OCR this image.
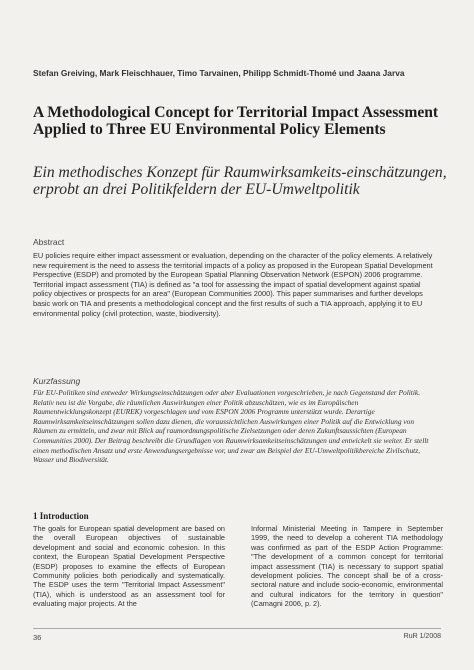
Stefan Greiving, Mark Fleischhauer, Timo Tarvainen, Philipp Schmidt-Thomé und Jaana Jarva
A Methodological Concept for Territorial Impact Assessment Applied to Three EU Environmental Policy Elements
Ein methodisches Konzept für Raumwirksamkeits-einschätzungen, erprobt an drei Politikfeldern der EU-Umweltpolitik
Abstract
EU policies require either impact assessment or evaluation, depending on the character of the policy elements. A relatively new requirement is the need to assess the territorial impacts of a policy as proposed in the European Spatial Development Perspective (ESDP) and promoted by the European Spatial Planning Observation Network (ESPON) 2006 programme. Territorial impact assessment (TIA) is defined as "a tool for assessing the impact of spatial development against spatial policy objectives or prospects for an area" (European Communities 2000). This paper summarises and further develops basic work on TIA and presents a methodological concept and the first results of such a TIA approach, applying it to EU environmental policy (civil protection, waste, biodiversity).
Kurzfassung
Für EU-Politiken sind entweder Wirkungseinschätzungen oder aber Evaluationen vorgeschrieben, je nach Gegenstand der Politik. Relativ neu ist die Vorgabe, die räumlichen Auswirkungen einer Politik abzuschätzen, wie es im Europäischen Raumentwicklungskonzept (EUREK) vorgeschlagen und vom ESPON 2006 Programm unterstützt wurde. Derartige Raumwirksamkeitseinschätzungen sollen dazu dienen, die voraussichtlichen Auswirkungen einer Politik auf die Entwicklung von Räumen zu ermitteln, und zwar mit Blick auf raumordnungspolitische Zielsetzungen oder deren Zukunftsaussichten (European Communities 2000). Der Beitrag beschreibt die Grundlagen von Raumwirksamkeitseinschätzungen und entwickelt sie weiter. Er stellt einen methodischen Ansatz und erste Anwendungsergebnisse vor, und zwar am Beispiel der EU-Umweltpolitikbereiche Zivilschutz, Wasser und Biodiversität.
1 Introduction
The goals for European spatial development are based on the overall European objectives of sustainable development and social and economic cohesion. In this context, the European Spatial Development Perspective (ESDP) proposes to examine the effects of European Community policies both periodically and systematically. The ESDP uses the term "Territorial Impact Assessment" (TIA), which is understood as an assessment tool for evaluating major projects. At the
Informal Ministerial Meeting in Tampere in September 1999, the need to develop a coherent TIA methodology was confirmed as part of the ESDP Action Programme: "The development of a common concept for territorial impact assessment (TIA) is necessary to support spatial development policies. The concept shall be of a cross-sectoral nature and include socio-economic, environmental and cultural indicators for the territory in question" (Camagni 2006, p. 2).
36	RuR 1/2008
